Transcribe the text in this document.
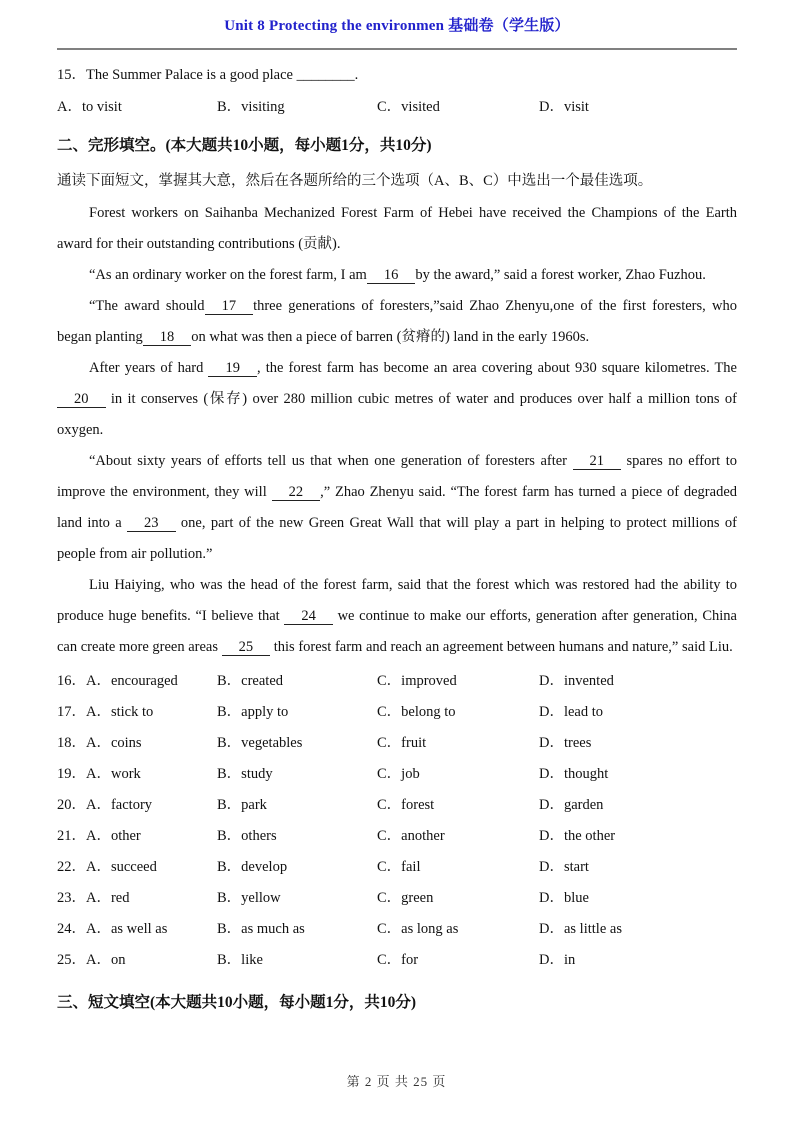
Unit 8 Protecting the environmen 基础卷（学生版）
15．The Summer Palace is a good place ________.
A．to visit	B．visiting	C．visited	D．visit
二、完形填空。(本大题共10小题，每小题1分，共10分)

通读下面短文，掌握其大意，然后在各题所给的三个选项（A、B、C）中选出一个最佳选项。

Forest workers on Saihanba Mechanized Forest Farm of Hebei have received the Champions of the Earth award for their outstanding contributions (贡献).

“As an ordinary worker on the forest farm, I am 16 by the award,” said a forest worker, Zhao Fuzhou.

“The award should 17 three generations of foresters,”said Zhao Zhenyu,one of the first foresters, who began planting 18 on what was then a piece of barren (贫瘠的) land in the early 1960s.

After years of hard 19 , the forest farm has become an area covering about 930 square kilometres. The 20 in it conserves (保存) over 280 million cubic metres of water and produces over half a million tons of oxygen.

“About sixty years of efforts tell us that when one generation of foresters after 21 spares no effort to improve the environment, they will 22 ,” Zhao Zhenyu said. “The forest farm has turned a piece of degraded land into a 23 one, part of the new Green Great Wall that will play a part in helping to protect millions of people from air pollution.”

Liu Haiying, who was the head of the forest farm, said that the forest which was restored had the ability to produce huge benefits. “I believe that 24 we continue to make our efforts, generation after generation, China can create more green areas 25 this forest farm and reach an agreement between humans and nature,” said Liu.

16．A．encouraged	B．created	C．improved	D．invented
17．A．stick to	B．apply to	C．belong to	D．lead to
18．A．coins	B．vegetables	C．fruit	D．trees
19．A．work	B．study	C．job	D．thought
20．A．factory	B．park	C．forest	D．garden
21．A．other	B．others	C．another	D．the other
22．A．succeed	B．develop	C．fail	D．start
23．A．red	B．yellow	C．green	D．blue
24．A．as well as	B．as much as	C．as long as	D．as little as
25．A．on	B．like	C．for	D．in
三、短文填空(本大题共10小题，每小题1分，共10分)
第 2 页 共 25 页
